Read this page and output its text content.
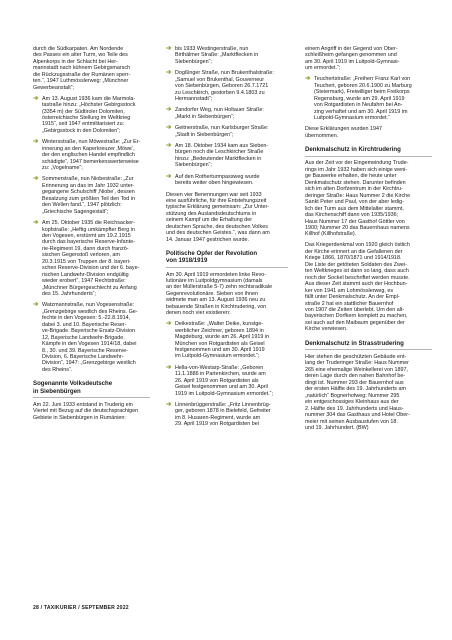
durch die Südkarpaten. Am Nordende
des Passes ein alter Turm, wo Teile des
Alpenkorps in der Schlacht bei Her-
mannstadt nach kühnem Gebirgsmarsch
die Rückzugsstraße der Rumänen sperr-
ten.“, 1947 Luthmösslerweg: „Münchner
Gewerbeanstalt“;

➔ Am 13. August 1936 kam die Marmola-
tastraße hinzu: „Höchster Gebirgsstock
(3354 m) der Südtiroler Dolomiten,
österreichische Stellung im Weltkrieg
1915“, seit 1947 entmilitarisiert zu:
„Gebirgsstock in den Dolomiten“;
➔ Wintersstraße, nun Möwestraße: „Zur Er-
innerung an den Kaperkreuzer ‚Möwe‘,
der den englischen Handel empfindlich
schädigte“, 1947 bemerkenswerterweise
zu: „Vogelname“;
➔ Sommerstraße, nun Niobestraße: „Zur
Erinnerung an das im Jahr 1932 unter-
gegangene Schulschiff ‚Niobe‘, dessen
Besatzung zum größten Teil den Tod in
den Wellen fand.“, 1947 plötzlich:
„Griechische Sagengestalt“;
➔ Am 25. Oktober 1935 die Reichsacker-
kopfstraße: „Heftig umkämpfter Berg in
den Vogesen, erstürmt am 19.2.1915
durch das bayerische Reserve-Infante-
rie-Regiment 19, dann durch franzö-
sischen Gegenstoß verloren, am
20.3.1915 von Truppen der 8. bayeri-
schen Reserve-Division und der 6. baye-
rischen Landwehr-Division endgültig
wieder erobert“, 1947 Rechtstraße:
„Münchner Bürgergeschlecht zu Anfang
des 15. Jahrhunderts“;
➔ Watzmannstraße, nun Vogesenstraße:
„Grenzgebirge westlich des Rheins. Ge-
fechte in den Vogesen: 5.-22.8.1914,
dabei 3. und 10. Bayerische Reser-
ve-Brigade. Bayerische Ersatz-Division
12, Bayerische Landwehr-Brigade.
Kämpfe in den Vogesen 1914/18, dabei
8., 30. und 39. Bayerische Reserve-
Division, 6. Bayerische Landwehr-
Division“, 1947: „Grenzgebirge westlich
des Rheins“.
Sogenannte Volksdeutsche
in Siebenbürgen

Am 22. Juni 1933 entstand in Truderig ein
Viertel mit Bezug auf die deutschsprachigen
Gebiete in Siebenbürgen in Rumänien:

➔ bis 1933 Westingerstraße, nun
Birthälmer Straße: „Marktflecken in
Siebenbürgen“;
➔ Dogßinger Straße, nun Brukenthalstraße:
„Samuel von Brukenthal, Gouverneur
von Siebenbürgen, Geboren 26.7.1721
zu Leschkirch, gestorben 9.4.1803 zu
Hermannstadt“;
➔ Zandorfer Weg, nun Holtauer Straße:
„Markt in Siebenbürgen“;
➔ Geitnerstraße, nun Karlsburger Straße:
„Stadt in Siebenbürgen“;
➔ Am 18. Oktober 1934 kam aus Sieben-
bürgen noch die Leschkircher Straße
hinzu: „Bedeutender Marktflecken in
Siebenbürgen“;
➔ Auf den Rotherturmpassweg wurde
bereits weiter oben hingewiesen.

Diesen vier Benennungen war seit 1933
eine ausführliche, für ihre Entstehungszeit
typische Erklärung gemeinsam: „Zur Unter-
stützung des Auslandsdeutschtums in
seinem Kampf um die Erhaltung der
deutschen Sprache, des deutschen Volkes
und des deutschen Geistes.“, was dann am
14. Januar 1947 gestrichen wurde.

Politische Opfer der Revolution
von 1918/1919

Am 30. April 1919 ermordeten linke Revo-
lutionäre im Luitpoldgymnasium (damals
an der Müllerstraße 5-7) zehn rechtsradikale
Gegenrevolutionäre. Sieben von ihnen
widmete man am 13. August 1936 neu zu
bebauende Straßen in Kirchtrudering, von
denen noch vier existieren:

➔ Deikestraße: „Walter Deike, kunstge-
werblicher Zeichner, geboren 1894 in
Magdeburg, wurde am 26. April 1919 in
München von Rotgardisten als Geisel
festgenommen und am 30. April 1919
im Luitpold-Gymnasium ermordet.“;
➔ Hella-von-Westarp-Straße: „Geboren
11.1.1886 in Partenkirchen, wurde am
26. April 1919 von Rotgardisten als
Geisel festgenommen und am 30. April
1919 im Luitpold-Gymnasium ermordet.“;
➔ Linnenbrüggerstraße: „Fritz Linnenbrüg-
ger, geboren 1878 in Bielefeld, Gefreiter
im 8. Husaren-Regiment, wurde am
29. April 1919 von Rotgardisten bei

einem Angriff in der Gegend von Ober-
schleißheim gefangen genommen und
am 30. April 1919 im Luitpold-Gymnasi-
um ermordet.“;

➔ Teuchertstraße: „Freiherr Franz Karl von
Teuchert, geboren 20.6.1900 zu Marburg
(Steiermark), Freiwilliger beim Freikorps
Regensburg, wurde am 29. April 1919
von Rotgardisten in Neufahrn bei An-
zing verhaftet und am 30. April 1919 im
Luitpold-Gymnasium ermordet.“

Diese Erklärungen wurden 1947
übernommen.

Denkmalschutz in Kirchtrudering

Aus der Zeit vor der Eingemeindung Trude-
rings im Jahr 1932 haben sich einige weni-
ge Bauwerke erhalten, die heute unter
Denkmalschutz stehen. Darunter befinden
sich im alten Dorfzentrum in der Kirchtru-
deringer Straße: Haus Nummer 2 die Kirche
Sankt Peter und Paul, von der aber ledig-
lich der Turm aus dem Mittelalter stammt,
das Kirchenschiff dann von 1935/1936;
Haus Nummer 17 der Gasthof Göttler von
1900; Nummer 20 das Bauernhaus namens
Killhof (Killhofstraße).

Das Kriegerdenkmal von 1920 gleich östlich
der Kirche erinnert an die Gefallenen der
Kriege 1866, 1870/1871 und 1914/1918.
Die Liste der getöteten Soldaten des Zwei-
ten Weltkrieges ist dann so lang, dass auch
noch der Sockel beschriftet werden musste.
Aus dieser Zeit stammt auch der Hochbun-
ker von 1941 am Lohmösslerweg, es
fällt unter Denkmalschutz. An der Empl-
straße 2 hat ein stattlicher Bauernhof
von 1907 die Zeiten überlebt. Um den alt-
bayerischen Dorfkern komplett zu machen,
sei auch auf den Maibaum gegenüber der
Kirche verwiesen.

Denkmalschutz in Strasstrudering

Hier stehen die geschützten Gebäude ent-
lang der Truderinger Straße: Haus Nummer
265 eine ehemalige Weinkellerei von 1897,
deren Lage durch den nahen Bahnhof be-
dingt ist. Nummer 293 der Bauernhof aus
der ersten Hälfte des 19. Jahrhunderts am
„natürlich“ Bognerhofweg; Nummer 295
ein entgeschossiges Kleinhaus aus der
2. Hälfte des 19. Jahrhunderts und Haus-
nummer 304 das Gasthaus und Hotel Ober-
meier mit seinen Ausbaustufen von 18.
und 19. Jahrhundert. (BW)

28 / TAXIKURIER / SEPTEMBER 2022
